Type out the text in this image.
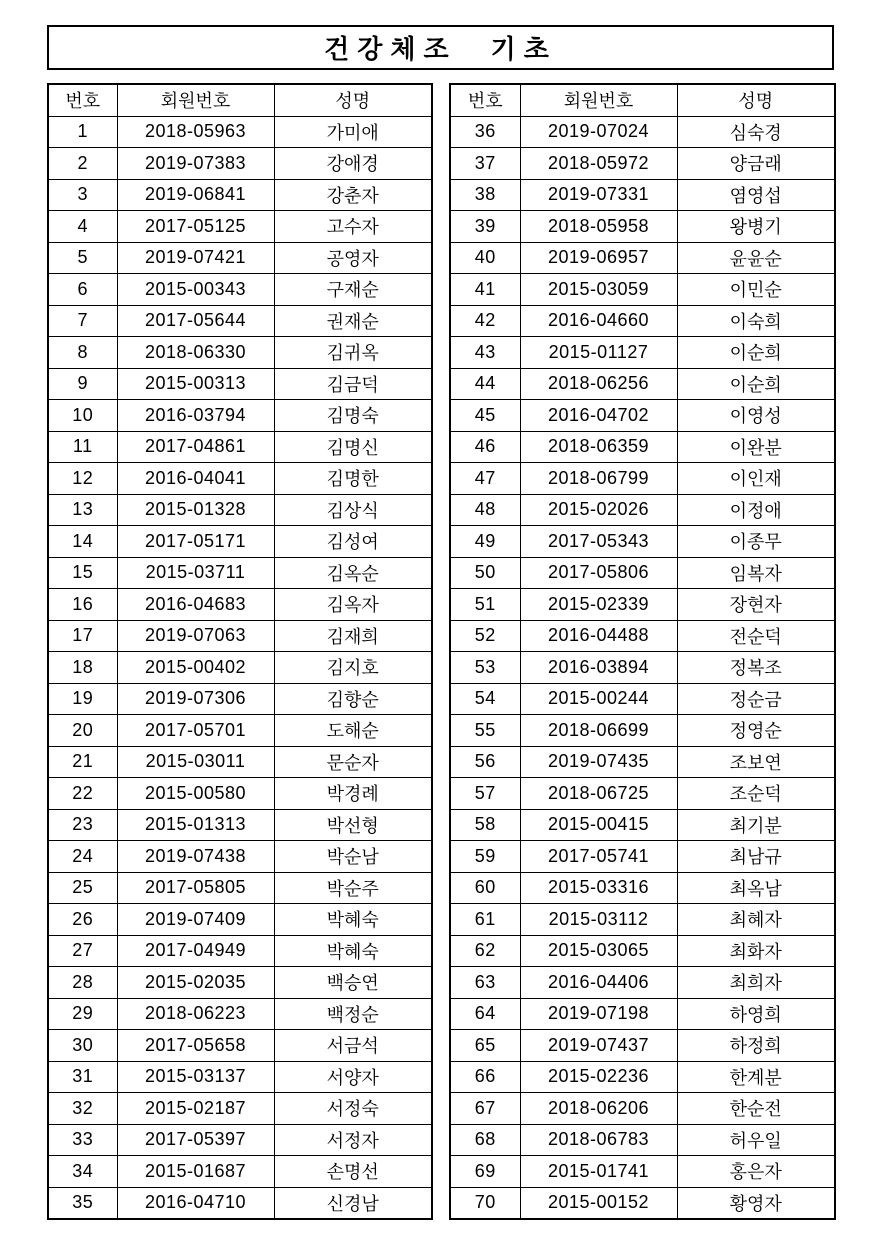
건강체조  기초
번호	회원번호	성명
1	2018-05963	가미애
2	2019-07383	강애경
3	2019-06841	강춘자
4	2017-05125	고수자
5	2019-07421	공영자
6	2015-00343	구재순
7	2017-05644	권재순
8	2018-06330	김귀옥
9	2015-00313	김금덕
10	2016-03794	김명숙
11	2017-04861	김명신
12	2016-04041	김명한
13	2015-01328	김상식
14	2017-05171	김성여
15	2015-03711	김옥순
16	2016-04683	김옥자
17	2019-07063	김재희
18	2015-00402	김지호
19	2019-07306	김향순
20	2017-05701	도해순
21	2015-03011	문순자
22	2015-00580	박경례
23	2015-01313	박선형
24	2019-07438	박순남
25	2017-05805	박순주
26	2019-07409	박혜숙
27	2017-04949	박혜숙
28	2015-02035	백승연
29	2018-06223	백정순
30	2017-05658	서금석
31	2015-03137	서양자
32	2015-02187	서정숙
33	2017-05397	서정자
34	2015-01687	손명선
35	2016-04710	신경남
번호	회원번호	성명
36	2019-07024	심숙경
37	2018-05972	양금래
38	2019-07331	염영섭
39	2018-05958	왕병기
40	2019-06957	윤윤순
41	2015-03059	이민순
42	2016-04660	이숙희
43	2015-01127	이순희
44	2018-06256	이순희
45	2016-04702	이영성
46	2018-06359	이완분
47	2018-06799	이인재
48	2015-02026	이정애
49	2017-05343	이종무
50	2017-05806	임복자
51	2015-02339	장현자
52	2016-04488	전순덕
53	2016-03894	정복조
54	2015-00244	정순금
55	2018-06699	정영순
56	2019-07435	조보연
57	2018-06725	조순덕
58	2015-00415	최기분
59	2017-05741	최남규
60	2015-03316	최옥남
61	2015-03112	최혜자
62	2015-03065	최화자
63	2016-04406	최희자
64	2019-07198	하영희
65	2019-07437	하정희
66	2015-02236	한계분
67	2018-06206	한순전
68	2018-06783	허우일
69	2015-01741	홍은자
70	2015-00152	황영자
